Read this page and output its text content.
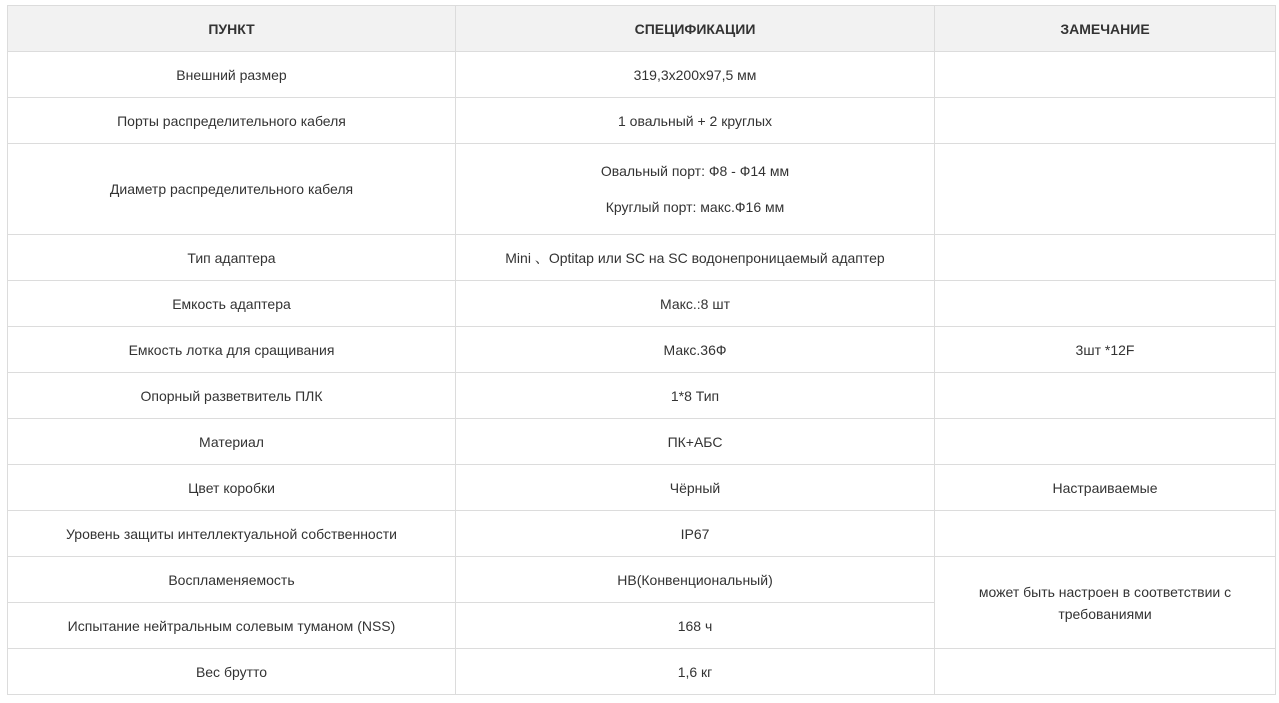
ПУНКТ	СПЕЦИФИКАЦИИ	ЗАМЕЧАНИЕ
Внешний размер	319,3х200х97,5 мм	
Порты распределительного кабеля	1 овальный + 2 круглых	
Диаметр распределительного кабеля	Овальный порт: Ф8 - Ф14 мм
Круглый порт: макс.Ф16 мм	

Тип адаптера	Mini 、Optitap или SC на SC водонепроницаемый адаптер	
Емкость адаптера	Макс.:8 шт	
Емкость лотка для сращивания	Макс.36Ф	3шт *12F
Опорный разветвитель ПЛК	1*8 Тип	
Материал	ПК+АБС	
Цвет коробки	Чёрный	Настраиваемые
Уровень защиты интеллектуальной собственности	IP67	
Воспламеняемость	HB(Конвенциональный)	может быть настроен в соответствии с требованиями
Испытание нейтральным солевым туманом (NSS)	168 ч	
Вес брутто	1,6 кг	
